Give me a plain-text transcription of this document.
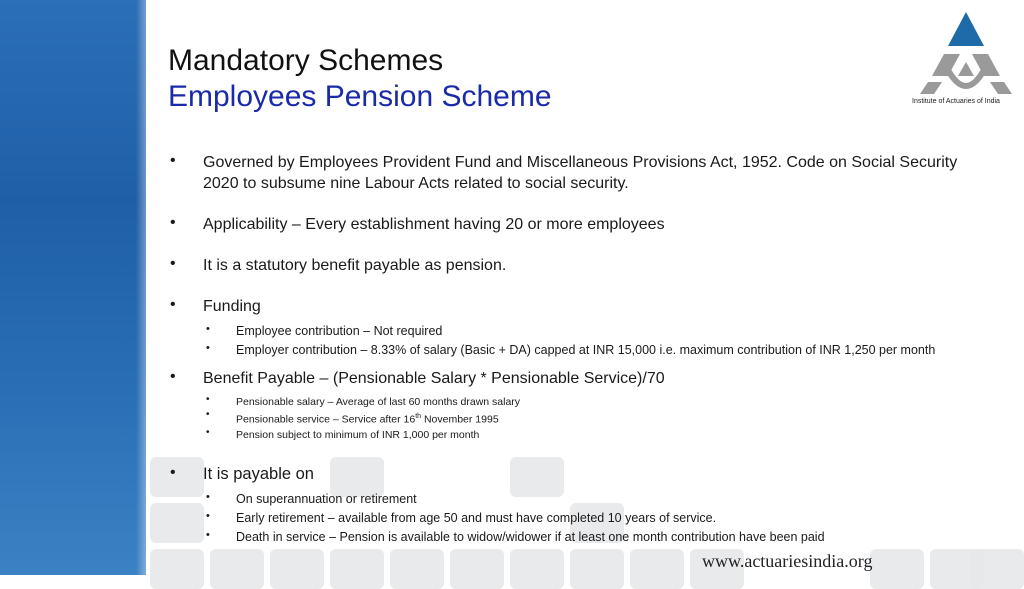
Mandatory Schemes
Employees Pension Scheme	Institute of Actuaries of India
• Governed by Employees Provident Fund and Miscellaneous Provisions Act, 1952. Code on Social Security 2020 to subsume nine Labour Acts related to social security.
• Applicability – Every establishment having 20 or more employees
• It is a statutory benefit payable as pension.
• Funding
• Employee contribution – Not required
• Employer contribution – 8.33% of salary (Basic + DA) capped at INR 15,000 i.e. maximum contribution of INR 1,250 per month
• Benefit Payable – (Pensionable Salary * Pensionable Service)/70
• Pensionable salary – Average of last 60 months drawn salary
• Pensionable service – Service after 16th November 1995
• Pension subject to minimum of INR 1,000 per month
• It is payable on
• On superannuation or retirement
• Early retirement – available from age 50 and must have completed 10 years of service.
• Death in service – Pension is available to widow/widower if at least one month contribution have been paid
www.actuariesindia.org
